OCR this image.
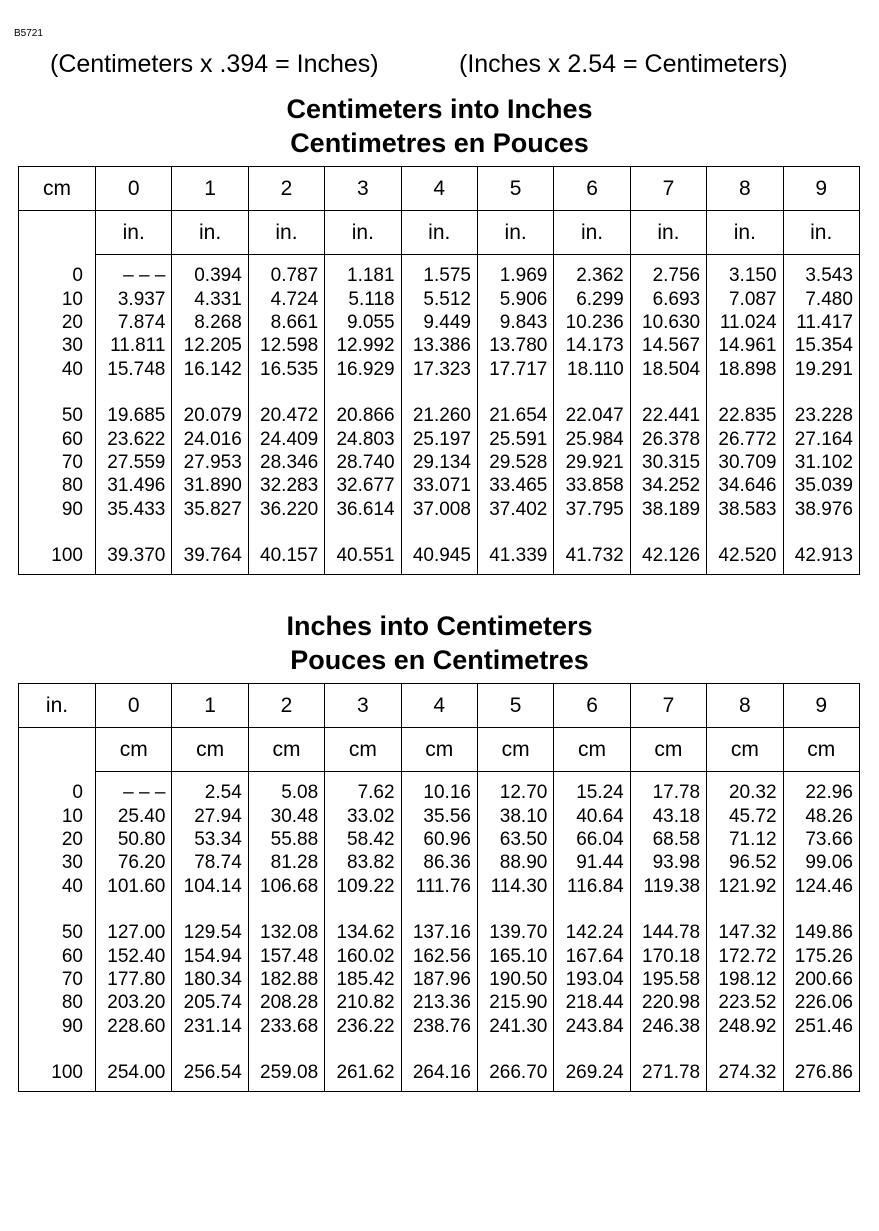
B5721
(Centimeters x .394 = Inches)	(Inches x 2.54 = Centimeters)
Centimeters into Inches
Centimetres en Pouces
cm	0	1	2	3	4	5	6	7	8	9
	in.	in.	in.	in.	in.	in.	in.	in.	in.	in.

0	– – –	0.394	0.787	1.181	1.575	1.969	2.362	2.756	3.150	3.543
10	3.937	4.331	4.724	5.118	5.512	5.906	6.299	6.693	7.087	7.480
20	7.874	8.268	8.661	9.055	9.449	9.843	10.236	10.630	11.024	11.417
30	11.811	12.205	12.598	12.992	13.386	13.780	14.173	14.567	14.961	15.354
40	15.748	16.142	16.535	16.929	17.323	17.717	18.110	18.504	18.898	19.291

50	19.685	20.079	20.472	20.866	21.260	21.654	22.047	22.441	22.835	23.228
60	23.622	24.016	24.409	24.803	25.197	25.591	25.984	26.378	26.772	27.164
70	27.559	27.953	28.346	28.740	29.134	29.528	29.921	30.315	30.709	31.102
80	31.496	31.890	32.283	32.677	33.071	33.465	33.858	34.252	34.646	35.039
90	35.433	35.827	36.220	36.614	37.008	37.402	37.795	38.189	38.583	38.976

100	39.370	39.764	40.157	40.551	40.945	41.339	41.732	42.126	42.520	42.913

Inches into Centimeters
Pouces en Centimetres
in.	0	1	2	3	4	5	6	7	8	9
	cm	cm	cm	cm	cm	cm	cm	cm	cm	cm

0	– – –	2.54	5.08	7.62	10.16	12.70	15.24	17.78	20.32	22.96
10	25.40	27.94	30.48	33.02	35.56	38.10	40.64	43.18	45.72	48.26
20	50.80	53.34	55.88	58.42	60.96	63.50	66.04	68.58	71.12	73.66
30	76.20	78.74	81.28	83.82	86.36	88.90	91.44	93.98	96.52	99.06
40	101.60	104.14	106.68	109.22	111.76	114.30	116.84	119.38	121.92	124.46

50	127.00	129.54	132.08	134.62	137.16	139.70	142.24	144.78	147.32	149.86
60	152.40	154.94	157.48	160.02	162.56	165.10	167.64	170.18	172.72	175.26
70	177.80	180.34	182.88	185.42	187.96	190.50	193.04	195.58	198.12	200.66
80	203.20	205.74	208.28	210.82	213.36	215.90	218.44	220.98	223.52	226.06
90	228.60	231.14	233.68	236.22	238.76	241.30	243.84	246.38	248.92	251.46

100	254.00	256.54	259.08	261.62	264.16	266.70	269.24	271.78	274.32	276.86
